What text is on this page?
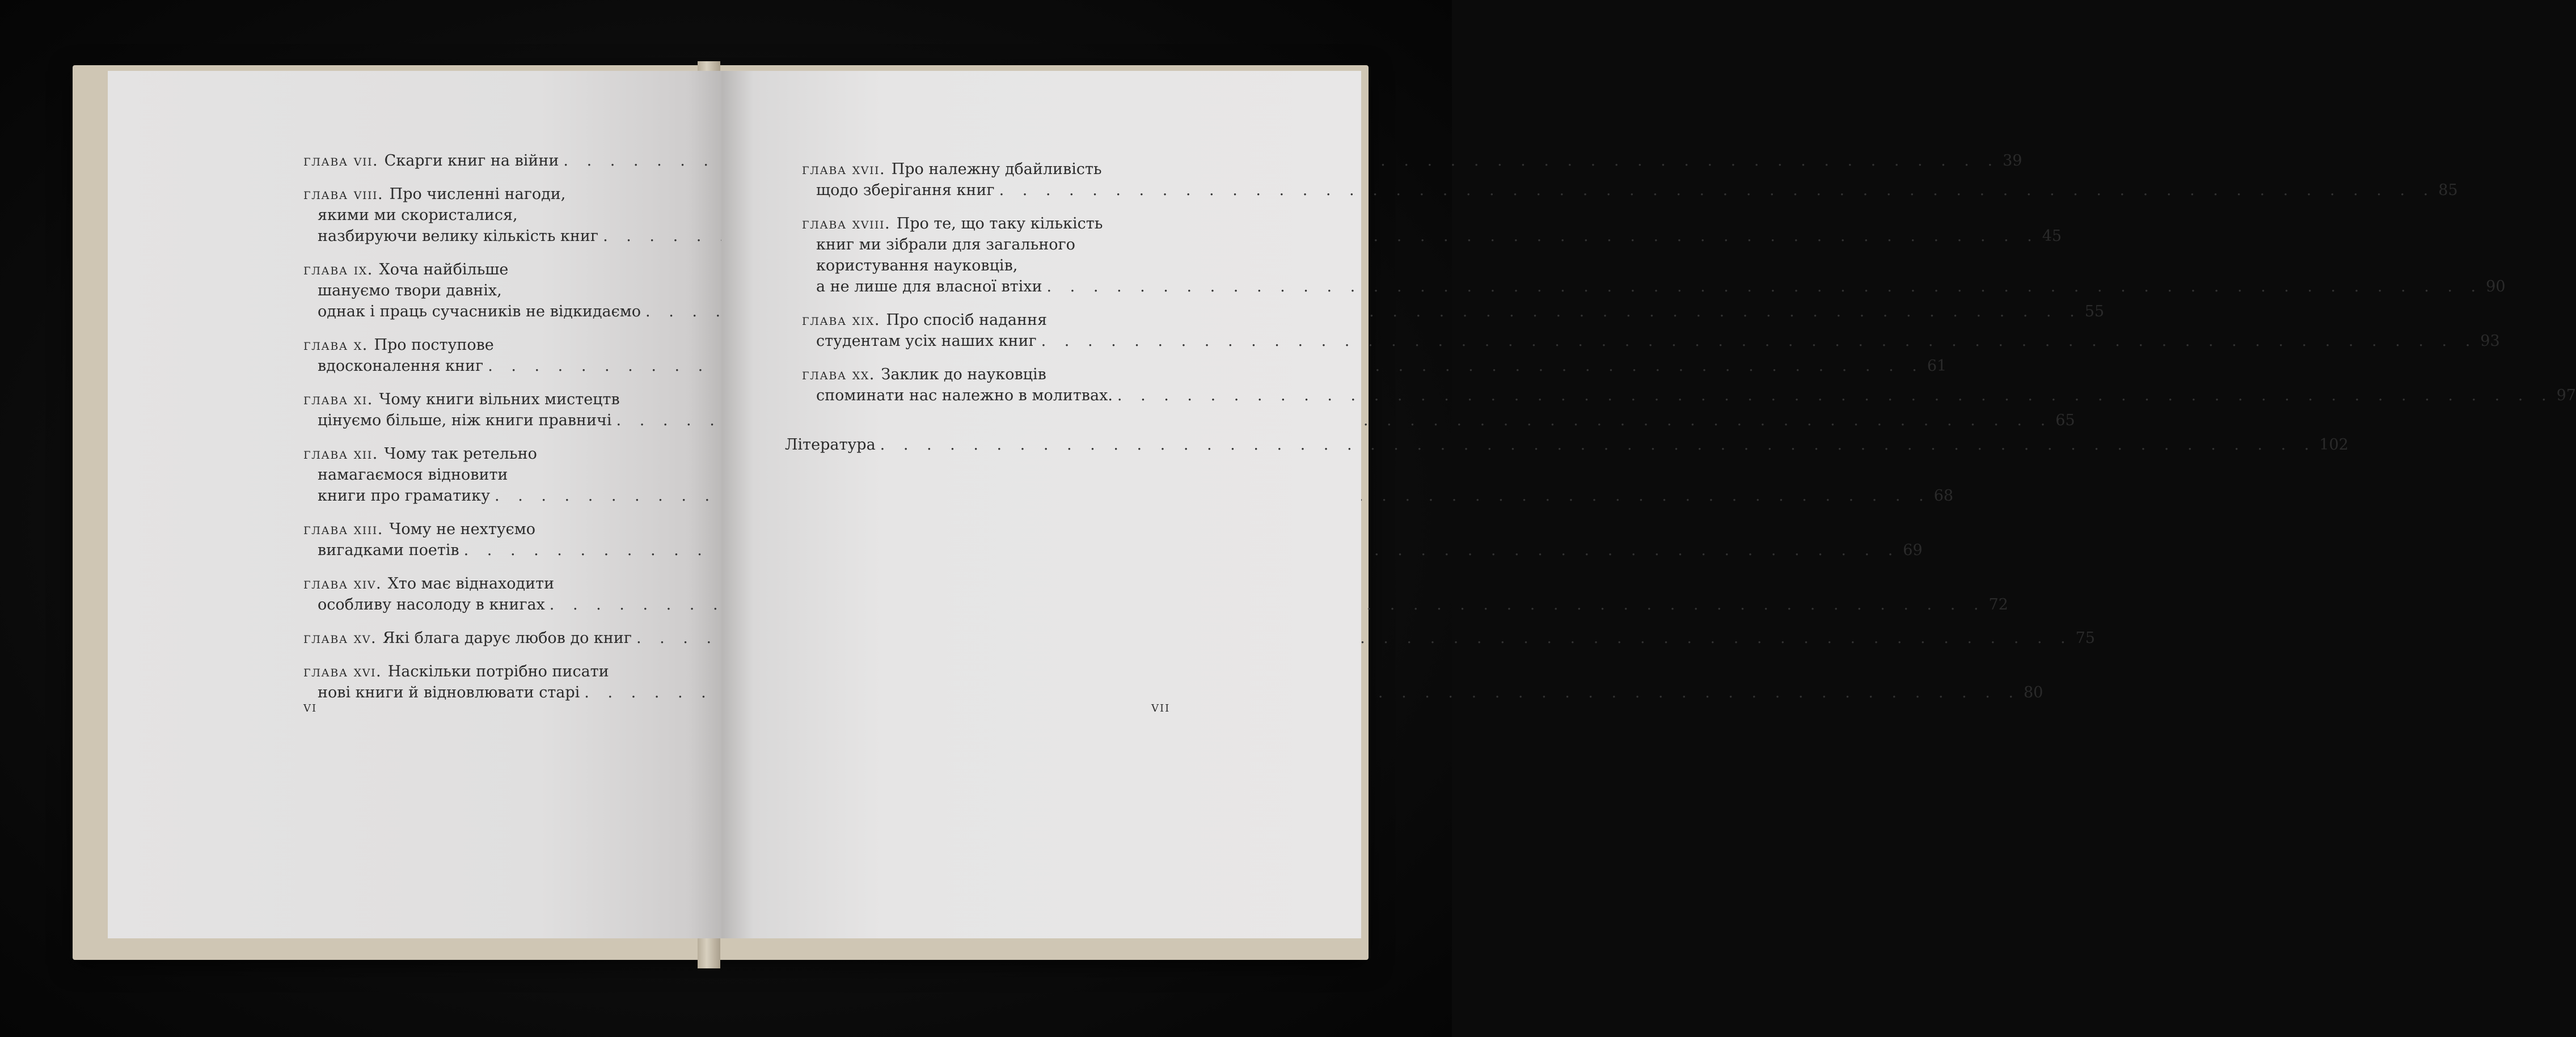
глава vii.
Скарги книг на війни . . .	39
глава viii.
Про численні нагоди,
якими ми скористалися,
назбируючи велику кількість книг . . .	45
глава ix.
Хоча найбільше
шануємо твори давніх,
однак і праць сучасників не відкидаємо . . .	55
глава x.
Про поступове
вдосконалення книг . . .	61
глава xi.
Чому книги вільних мистецтв
цінуємо більше, ніж книги правничі . . .	65
глава xii.
Чому так ретельно
намагаємося відновити
книги про граматику . . .	68
глава xiii.
Чому не нехтуємо
вигадками поетів . . .	69
глава xiv.
Хто має віднаходити
особливу насолоду в книгах . . .	72
глава xv.
Які блага дарує любов до книг . . .	75
глава xvi.
Наскільки потрібно писати
нові книги й відновлювати старі . . .	80
vi
глава xvii.
Про належну дбайливість
щодо зберігання книг . . .	85
глава xviii.
Про те, що таку кількість
книг ми зібрали для загального
користування науковців,
а не лише для власної втіхи . . .	90
глава xix.
Про спосіб надання
студентам усіх наших книг . . .	93
глава xx.
Заклик до науковців
споминати нас належно в молитвах. . . .	97
Література . . .	102
vii
